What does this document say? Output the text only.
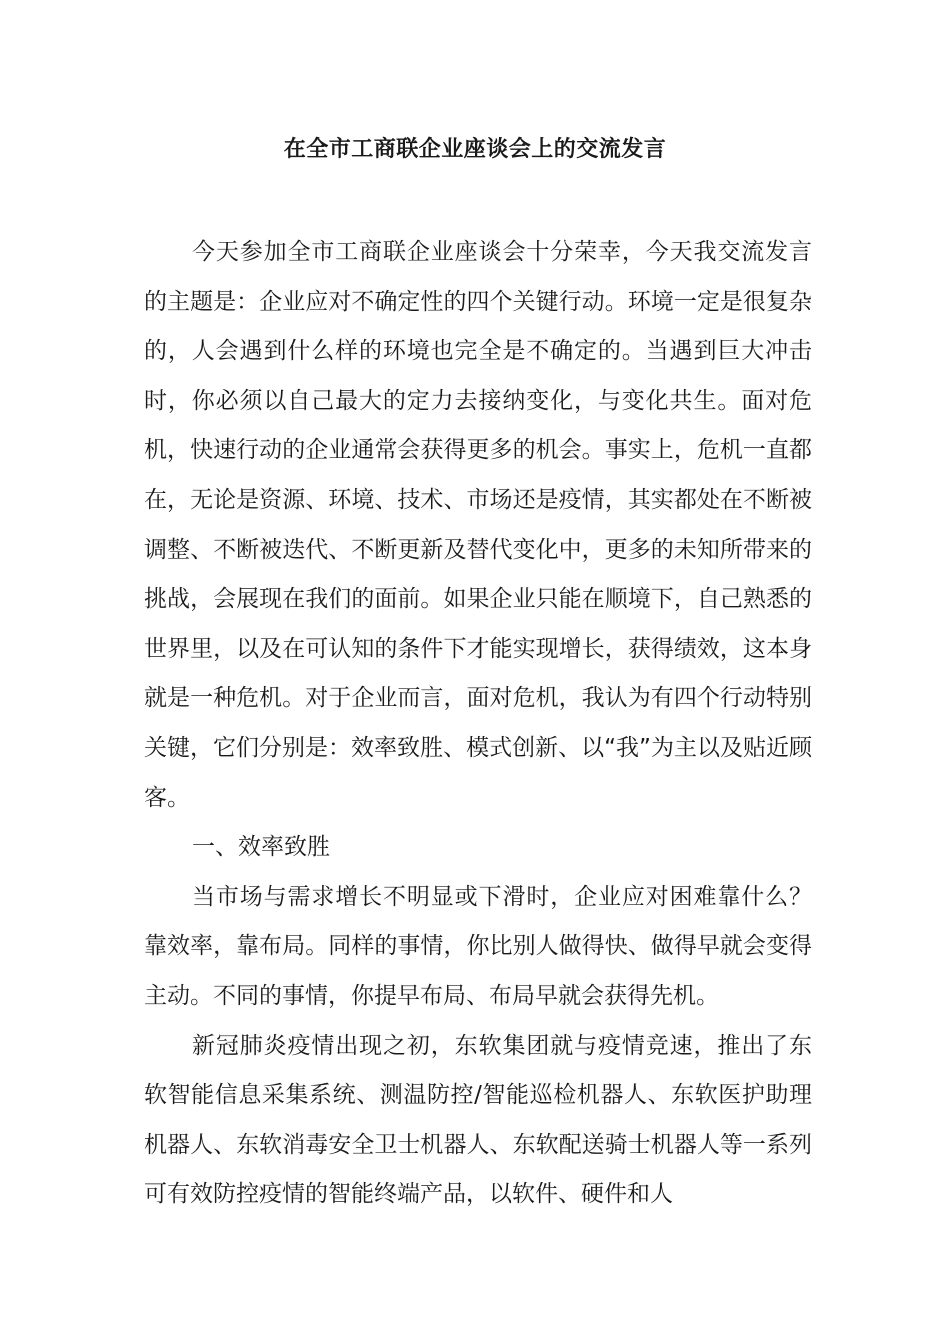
在全市工商联企业座谈会上的交流发言

今天参加全市工商联企业座谈会十分荣幸，今天我交流发言的主题是：企业应对不确定性的四个关键行动。环境一定是很复杂的，人会遇到什么样的环境也完全是不确定的。当遇到巨大冲击时，你必须以自己最大的定力去接纳变化，与变化共生。面对危机，快速行动的企业通常会获得更多的机会。事实上，危机一直都在，无论是资源、环境、技术、市场还是疫情，其实都处在不断被调整、不断被迭代、不断更新及替代变化中，更多的未知所带来的挑战，会展现在我们的面前。如果企业只能在顺境下，自己熟悉的世界里，以及在可认知的条件下才能实现增长，获得绩效，这本身就是一种危机。对于企业而言，面对危机，我认为有四个行动特别关键，它们分别是：效率致胜、模式创新、以“我”为主以及贴近顾客。

一、效率致胜

当市场与需求增长不明显或下滑时，企业应对困难靠什么？靠效率，靠布局。同样的事情，你比别人做得快、做得早就会变得主动。不同的事情，你提早布局、布局早就会获得先机。

新冠肺炎疫情出现之初，东软集团就与疫情竞速，推出了东软智能信息采集系统、测温防控/智能巡检机器人、东软医护助理机器人、东软消毒安全卫士机器人、东软配送骑士机器人等一系列可有效防控疫情的智能终端产品，以软件、硬件和人
